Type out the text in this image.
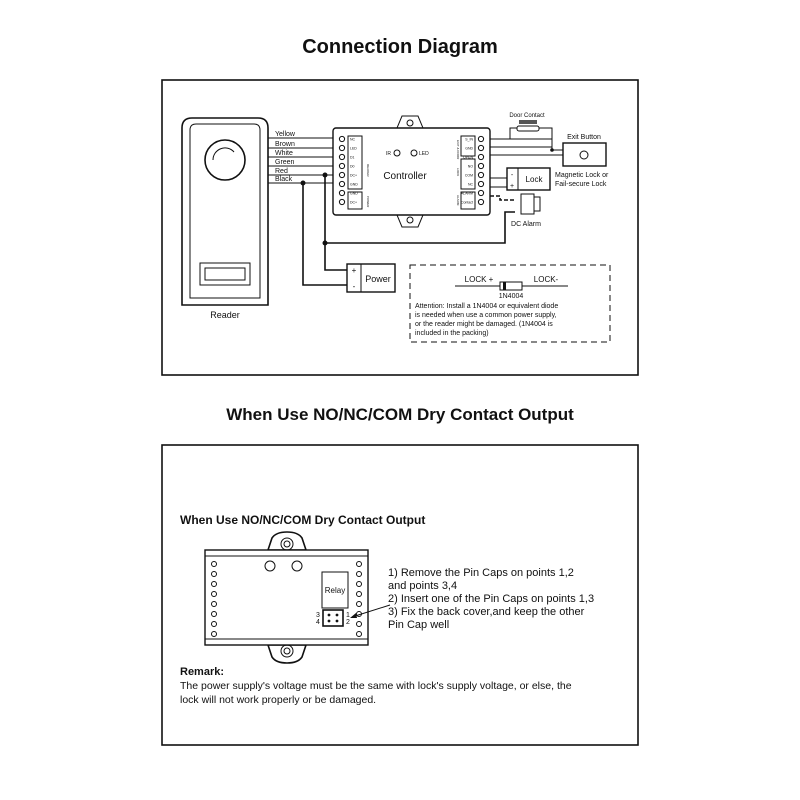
Connection Diagram
Reader
Yellow
Brown
White
Green
Red
Black
+
-
Power
NC
LED
D1
D0
DC+
GND
GND
DC+
S_IN
GND
OPEN
NO
COM
NC
ALARM
Contact
READER
POWER
EXIT & DOOR
LOCK
ALARM
IR	LED
Controller
Door Contact
Exit Button
-
+
Lock Magnetic Lock or
Fail-secure Lock
DC Alarm
LOCK +	LOCK-
1N4004
Attention: Install a 1N4004 or equivalent diode
is needed when use a common power supply,
or the reader might be damaged. (1N4004 is
included in the packing)
When Use NO/NC/COM Dry Contact Output
When Use NO/NC/COM Dry Contact Output
Relay
1
2
3
4
1) Remove the Pin Caps on points 1,2
and points 3,4
2) Insert one of the Pin Caps on points 1,3
3) Fix the back cover,and keep the other
Pin Cap well
Remark:
The power supply's voltage must be the same with lock's supply voltage, or else, the
lock will not work properly or be damaged.
